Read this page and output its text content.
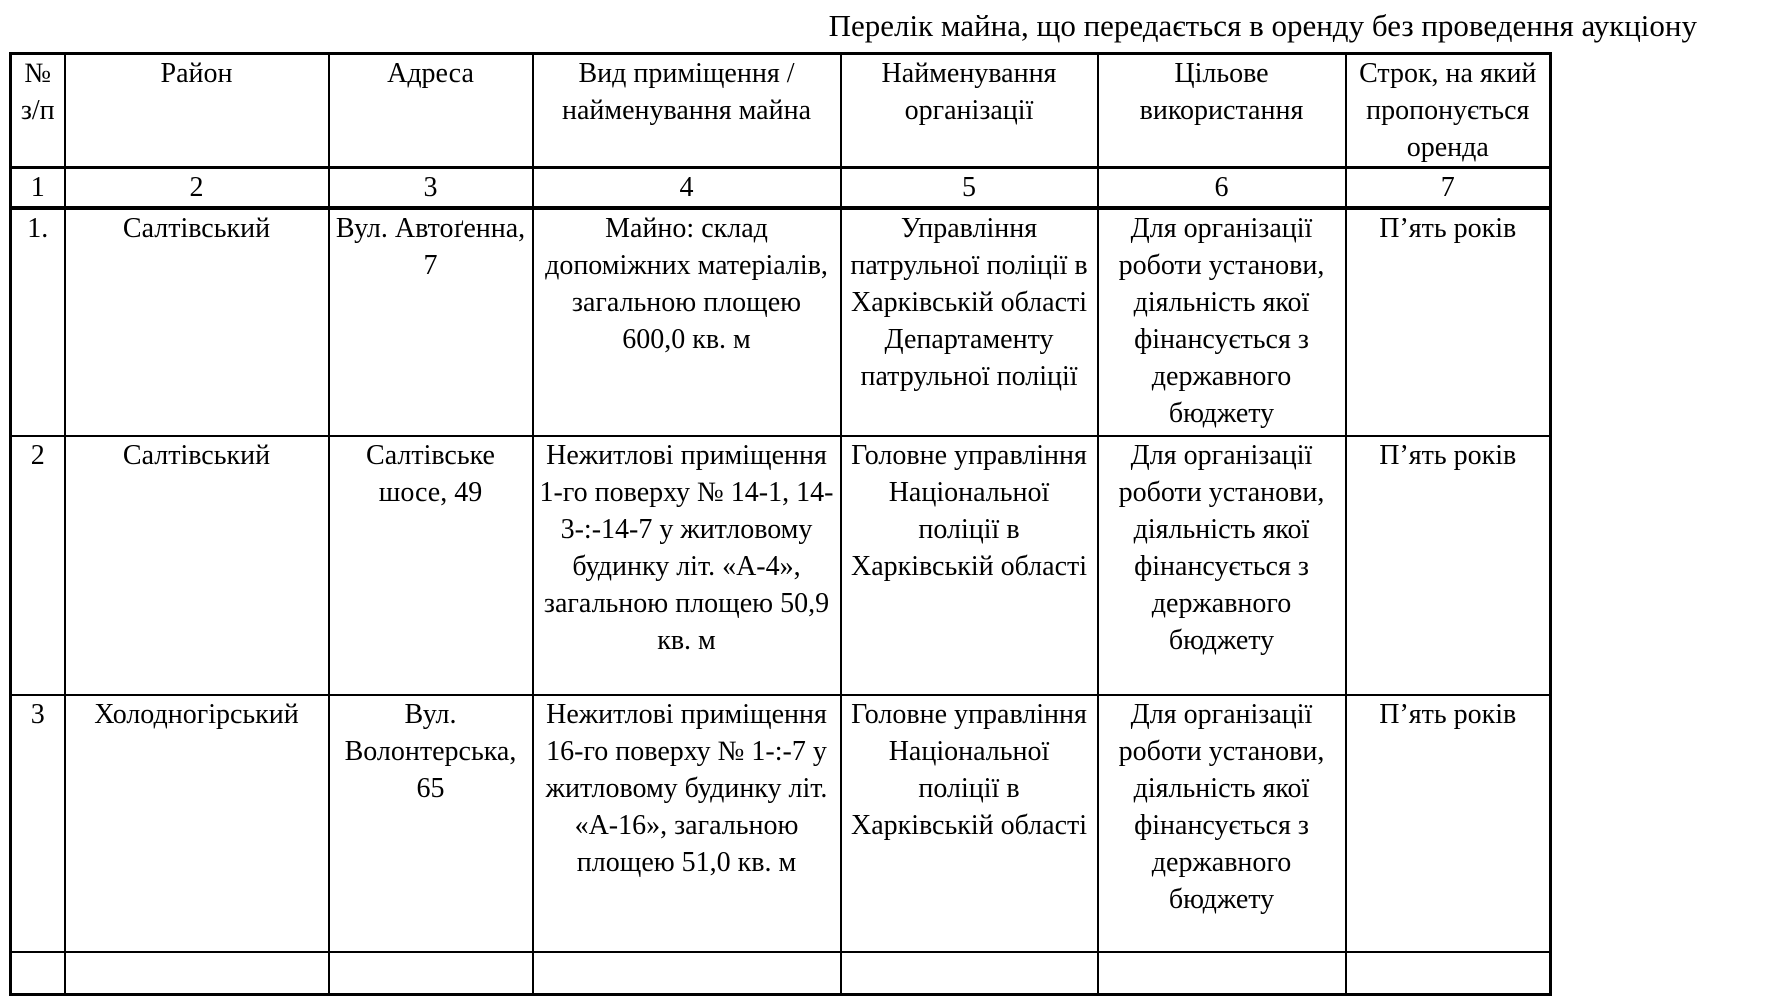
Перелік майна, що передається в оренду без проведення аукціону
№ з/п	Район	Адреса	Вид приміщення / найменування майна	Найменування організації	Цільове використання	Строк, на який пропонується оренда
1	2	3	4	5	6	7
1.	Салтівський	Вул. Автоґенна, 7	Майно: склад допоміжних матеріалів, загальною площею 600,0 кв. м	Управління патрульної поліції в Харківській області Департаменту патрульної поліції	Для організації роботи установи, діяльність якої фінансується з державного бюджету	П’ять років
2	Салтівський	Салтівське шосе, 49	Нежитлові приміщення 1-го поверху № 14-1, 14-3-:-14-7 у житловому будинку літ. «А-4», загальною площею 50,9 кв. м	Головне управління Національної поліції в Харківській області	Для організації роботи установи, діяльність якої фінансується з державного бюджету	П’ять років
3	Холодногірський	Вул. Волонтерська, 65	Нежитлові приміщення 16-го поверху № 1-:-7 у житловому будинку літ. «А-16», загальною площею 51,0 кв. м	Головне управління Національної поліції в Харківській області	Для організації роботи установи, діяльність якої фінансується з державного бюджету	П’ять років
